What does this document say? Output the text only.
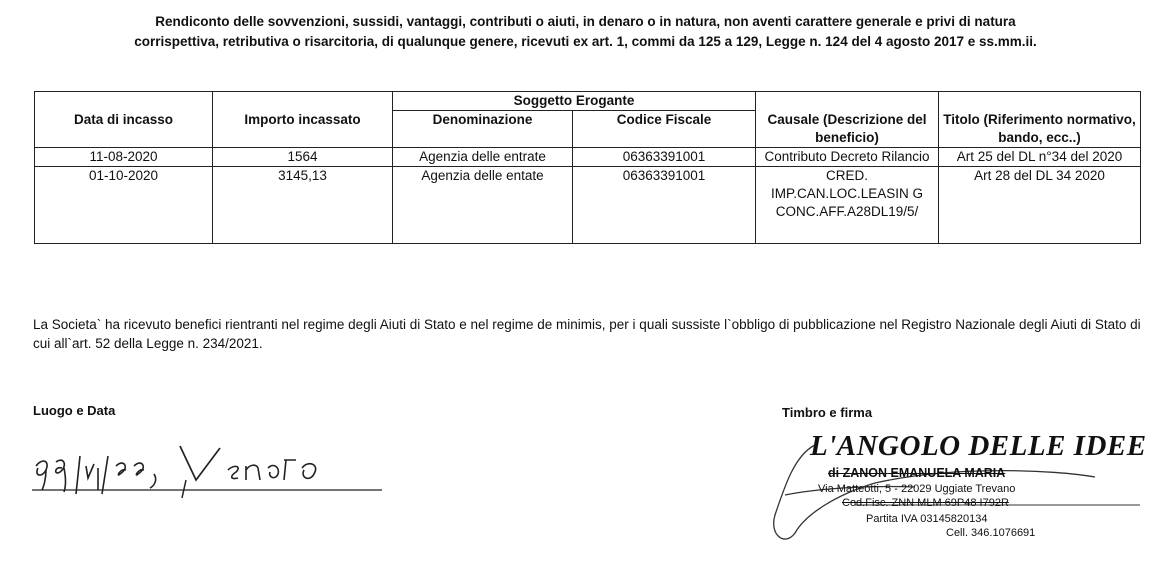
Rendiconto delle sovvenzioni, sussidi, vantaggi, contributi o aiuti, in denaro o in natura, non aventi carattere generale e privi di natura
corrispettiva, retributiva o risarcitoria, di qualunque genere, ricevuti ex art. 1, commi da 125 a 129, Legge n. 124 del 4 agosto 2017 e ss.mm.ii.
		Soggetto Erogante			
Data di incasso	Importo incassato	Denominazione	Codice Fiscale	Causale (Descrizione del beneficio)	Titolo (Riferimento normativo, bando, ecc..)
11-08-2020	1564	Agenzia delle entrate	06363391001	Contributo Decreto Rilancio	Art 25 del DL n°34 del 2020
01-10-2020	3145,13	Agenzia delle entate	06363391001	CRED. IMP.CAN.LOC.LEASIN G CONC.AFF.A28DL19/5/	Art 28 del DL 34 2020
La Societa` ha ricevuto benefici rientranti nel regime degli Aiuti di Stato e nel regime de minimis, per i quali sussiste l`obbligo di pubblicazione nel Registro Nazionale degli Aiuti di Stato di cui all`art. 52 della Legge n. 234/2021.
Luogo e Data
29/11/22, Venaro
Timbro e firma
L'ANGOLO DELLE IDEE
di ZANON EMANUELA MARIA
Via Matteotti, 5 - 22029 Uggiate Trevano
Cod.Fisc. ZNN MLM 69P48 I792R
Partita IVA 03145820134
Cell. 346.1076691
